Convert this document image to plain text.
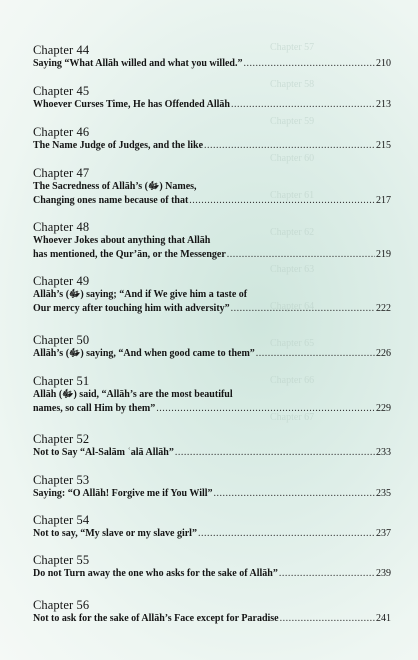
Chapter 57
Chapter 58
Chapter 59
Chapter 60
Chapter 61
Chapter 62
Chapter 63
Chapter 64
Chapter 65
Chapter 66
Chapter 67
Chapter 44
Saying “What Allāh willed and what you willed.” .....	210
Chapter 45
Whoever Curses Time, He has Offended Allāh .....	213
Chapter 46
The Name Judge of Judges, and the like .....	215
Chapter 47
The Sacredness of Allāh’s (ﷻ) Names,
Changing ones name because of that .....	217
Chapter 48
Whoever Jokes about anything that Allāh
has mentioned, the Qur’ān, or the Messenger .....	219
Chapter 49
Allāh’s (ﷻ) saying; “And if We give him a taste of
Our mercy after touching him with adversity” .....	222
Chapter 50
Allāh’s (ﷻ) saying, “And when good came to them” .....	226
Chapter 51
Allāh (ﷻ) said, “Allāh’s are the most beautiful
names, so call Him by them” .....	229
Chapter 52
Not to Say “Al-Salām ʿalā Allāh” .....	233
Chapter 53
Saying: “O Allāh! Forgive me if You Will” .....	235
Chapter 54
Not to say, “My slave or my slave girl” .....	237
Chapter 55
Do not Turn away the one who asks for the sake of Allāh” .....	239
Chapter 56
Not to ask for the sake of Allāh’s Face except for Paradise .....	241
